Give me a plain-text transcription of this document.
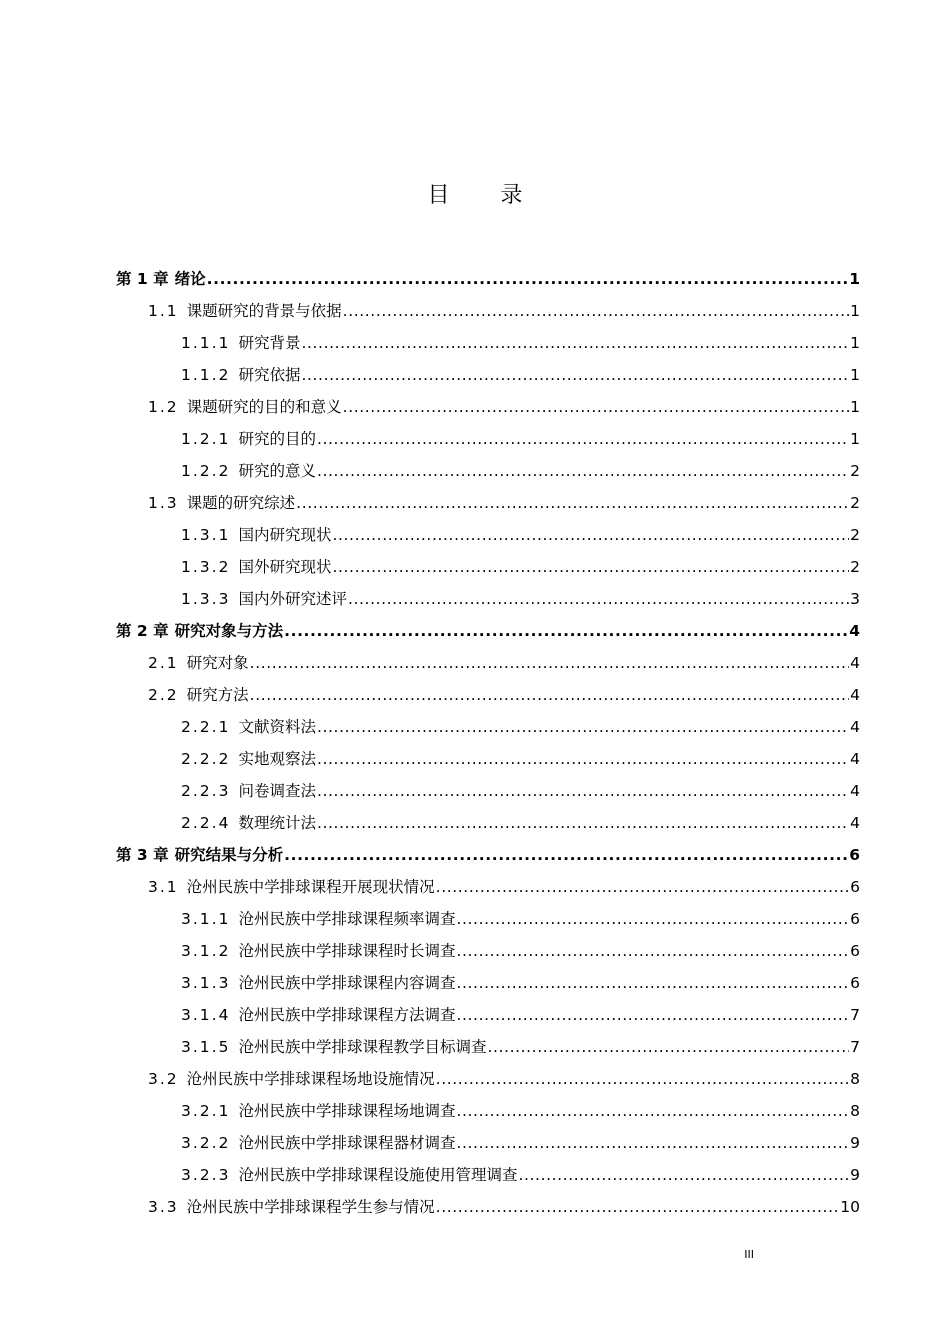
目 录
第 1 章 绪论 .....	1
1.1 课题研究的背景与依据 .....	1
1.1.1 研究背景 .....	1
1.1.2 研究依据 .....	1
1.2 课题研究的目的和意义 .....	1
1.2.1 研究的目的 .....	1
1.2.2 研究的意义 .....	2
1.3 课题的研究综述 .....	2
1.3.1 国内研究现状 .....	2
1.3.2 国外研究现状 .....	2
1.3.3 国内外研究述评 .....	3
第 2 章 研究对象与方法 .....	4
2.1 研究对象 .....	4
2.2 研究方法 .....	4
2.2.1 文献资料法 .....	4
2.2.2 实地观察法 .....	4
2.2.3 问卷调查法 .....	4
2.2.4 数理统计法 .....	4
第 3 章 研究结果与分析 .....	6
3.1 沧州民族中学排球课程开展现状情况 .....	6
3.1.1 沧州民族中学排球课程频率调查 .....	6
3.1.2 沧州民族中学排球课程时长调查 .....	6
3.1.3 沧州民族中学排球课程内容调查 .....	6
3.1.4 沧州民族中学排球课程方法调查 .....	7
3.1.5 沧州民族中学排球课程教学目标调查 .....	7
3.2 沧州民族中学排球课程场地设施情况 .....	8
3.2.1 沧州民族中学排球课程场地调查 .....	8
3.2.2 沧州民族中学排球课程器材调查 .....	9
3.2.3 沧州民族中学排球课程设施使用管理调查 .....	9
3.3 沧州民族中学排球课程学生参与情况 .....	10
III
